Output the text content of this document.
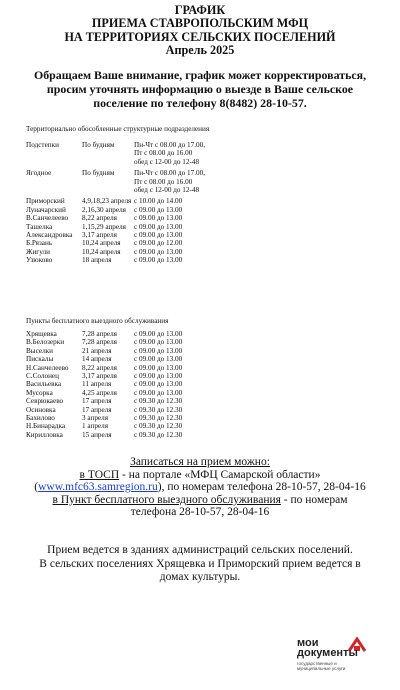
ГРАФИК
ПРИЕМА СТАВРОПОЛЬСКИМ МФЦ
НА ТЕРРИТОРИЯХ СЕЛЬСКИХ ПОСЕЛЕНИЙ
Апрель 2025
Обращаем Ваше внимание, график может корректироваться,
просим уточнять информацию о выезде в Ваше сельское
поселение по телефону 8(8482) 28-10-57.
Территориально обособленные структурные подразделения
Подстепки	По будням	Пн-Чт с 08.00 до 17.00,
Пт с 08.00 до 16.00
обед с 12-00 до 12-48
Ягодное	По будням	Пн-Чт с 08.00 до 17.00,
Пт с 08.00 до 16.00
обед с 12-00 до 12-48
Приморский	4,9,18,23 апреля с 10.00 до 14.00
Луначарский	2,16,30 апреля	с 09.00 до 13.00
В.Санчелеево	8,22 апреля	с 09.00 до 13.00
Ташелка	1,15,29 апреля	с 09.00 до 13.00
Александровка	3,17 апреля	с 09.00 до 13.00
Б.Рязань	10,24 апреля	с 09.00 до 12.00
Жигули	10,24 апреля	с 09.00 до 13.00
Узюково	18 апреля	с 09.00 до 13.00
Пункты бесплатного выездного обслуживания
Хрящевка	7,28 апреля	с 09.00 до 13.00
В.Белозерки	7,28 апреля	с 09.00 до 13.00
Выселки	21 апреля	с 09.00 до 13.00
Пискалы	14 апреля	с 09.00 до 13.00
Н.Санчелеево	8,22 апреля	с 09.00 до 13.00
С.Солонец	3,17 апреля	с 09.00 до 13.00
Васильевка	11 апреля	с 09.00 до 13.00
Мусорка	4,25 апреля	с 09.00 до 13.00
Севрюкаево	17 апреля	с 09.30 до 12.30
Осиновка	17 апреля	с 09.30 до 12.30
Бахилово	3 апреля	с 09.30 до 12.30
Н.Бинарадка	1 апреля	с 09.30 до 12.30
Кирилловка	15 апреля	с 09.30 до 12.30
Записаться на прием можно:
в ТОСП - на портале «МФЦ Самарской области»
(www.mfc63.samregion.ru), по номерам телефона 28-10-57, 28-04-16
в Пункт бесплатного выездного обслуживания - по номерам
телефона 28-10-57, 28-04-16
Прием ведется в зданиях администраций сельских поселений.
В сельских поселениях Хрящевка и Приморский прием ведется в
домах культуры.
мои
документы
государственные и муниципальные услуги
